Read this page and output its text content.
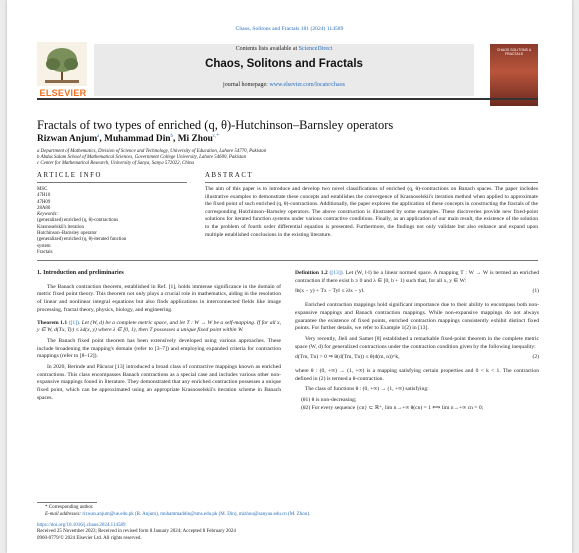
Chaos, Solitons and Fractals 181 (2024) 114589
ELSEVIER
Contents lists available at ScienceDirect
Chaos, Solitons and Fractals
journal homepage: www.elsevier.com/locate/chaos
CHAOS SOLITONS & FRACTALS
Fractals of two types of enriched (q, θ)-Hutchinson–Barnsley operators
Rizwan Anjum$^a$, Muhammad Din$^b$, Mi Zhou$^{c,*}$
a Department of Mathematics, Division of Science and Technology, University of Education, Lahore 54770, Pakistan
b Abdus Salam School of Mathematical Sciences, Government College University, Lahore 54600, Pakistan
c Center for Mathematical Research, University of Sanya, Sanya 572022, China
ARTICLE INFO	ABSTRACT
MSC
47H10
47H09
28A80
Keywords:
(generalized) enriched (q, θ)-contractions
Krasnoselskii's iteration
Hutchinson–Barnsley operator
(generalized) enriched (q, θ)-iterated function
system
Fractals
The aim of this paper is to introduce and develop two novel classifications of enriched (q, θ)-contractions on Banach spaces. The paper includes illustrative examples to demonstrate these concepts and establishes the convergence of Krasnoselskii's iteration method when applied to approximate the fixed point of such enriched (q, θ)-contractions. Additionally, the paper explores the application of these concepts in constructing the fractals of the corresponding Hutchinson–Barnsley operators. The above construction is illustrated by some examples. These discoveries provide new fixed-point solutions for iterated function systems under various contractive conditions. Finally, as an application of our main result, the existence of the solution to the problem of fourth order differential equation is presented. Furthermore, the findings not only validate but also enhance and expand upon multiple established conclusions in the existing literature.
1. Introduction and preliminaries

The Banach contraction theorem, established in Ref. [1], holds immense significance in the domain of metric fixed point theory. This theorem not only plays a crucial role in mathematics, aiding in the resolution of linear and nonlinear integral equations but also finds applications in interconnected fields like image processing, fractal theory, physics, biology, and engineering.

Theorem 1.1 ([1]). Let (W, d) be a complete metric space, and let T : W → W be a self-mapping. If for all x, y ∈ W, d(Tx, Ty) ≤ λd(x, y) where λ ∈ [0, 1), then T possesses a unique fixed point within W.

The Banach fixed point theorem has been extensively developed using various approaches. These include broadening the mapping's domain (refer to [3–7]) and employing expanded criteria for contraction mappings (refer to [8–12]).

In 2020, Berinde and Păcurar [13] introduced a broad class of contractive mappings known as enriched contractions. This class encompasses Banach contractions as a special case and includes various other non-expansive mappings found in literature. They demonstrated that any enriched contraction possesses a unique fixed point, which can be approximated using an appropriate Krasnoselskii's iteration scheme in Banach spaces.

Definition 1.2 ([13]). Let (W, ‖·‖) be a linear normed space. A mapping T : W → W is termed an enriched contraction if there exist b ≥ 0 and λ ∈ [0, b + 1) such that, for all x, y ∈ W:

‖b(x − y) + Tx − Ty‖ ≤ λ‖x − y‖.	(1)

Enriched contraction mappings hold significant importance due to their ability to encompass both non-expansive mappings and Banach contraction mappings. While non-expansive mappings do not always guarantee the existence of fixed points, enriched contraction mappings consistently exhibit distinct fixed points. For further details, we refer to Example 1(2) in [13].

Very recently, Jleli and Samet [8] established a remarkable fixed-point theorem in the complete metric space (W, d) for generalized contractions under the contraction condition given by the following inequality:

d(Tm, Tn) > 0 ⇒ θ(d(Tm, Tn)) ≤ θ(d(m, n))^k,	(2)

where θ : (0, +∞) → (1, +∞) is a mapping satisfying certain properties and 0 < k < 1. The contraction defined in (2) is termed a θ-contraction.

The class of functions θ : (0, +∞) → (1, +∞) satisfying:

(θ1) θ is non-decreasing;

(θ2) For every sequence {cn} ⊂ ℝ⁺, lim n→+∞ θ(cn) = 1 ⟺ lim n→+∞ cn = 0;

* Corresponding author.
E-mail addresses: rizwan.anjum@ue.edu.pk (R. Anjum), muhammaddin@sms.edu.pk (M. Din), mizhou@sanyau.edu.cn (M. Zhou).
https://doi.org/10.1016/j.chaos.2024.114589
Received 25 November 2023; Received in revised form 8 January 2024; Accepted 8 February 2024
0960-0779/© 2024 Elsevier Ltd. All rights reserved.
